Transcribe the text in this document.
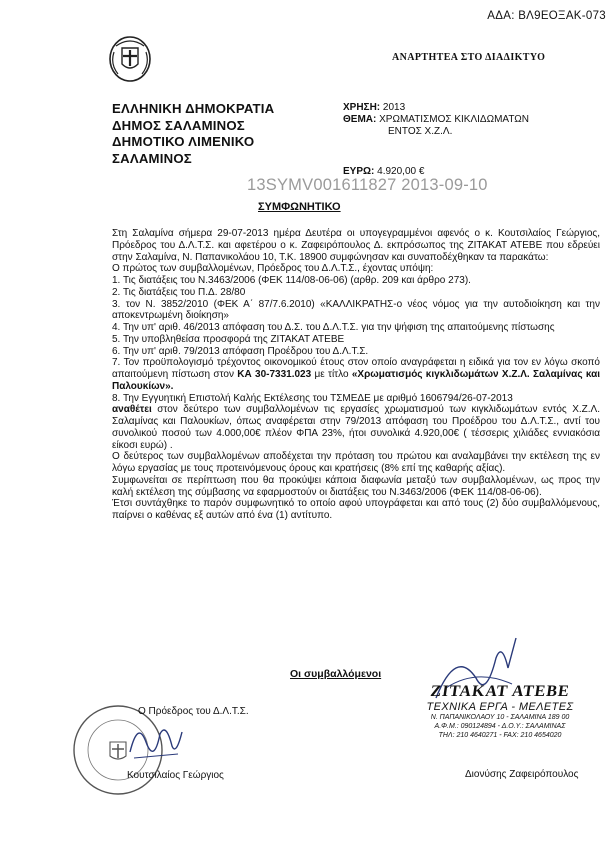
ΑΔΑ: ΒΛ9ΕΟΞΑΚ-073
ΑΝΑΡΤΗΤΕΑ ΣΤΟ ΔΙΑΔΙΚΤΥΟ
ΕΛΛΗΝΙΚΗ ΔΗΜΟΚΡΑΤΙΑ
ΔΗΜΟΣ ΣΑΛΑΜΙΝΟΣ
ΔΗΜΟΤΙΚΟ ΛΙΜΕΝΙΚΟ
ΣΑΛΑΜΙΝΟΣ
ΧΡΗΣΗ: 2013
ΘΕΜΑ: ΧΡΩΜΑΤΙΣΜΟΣ ΚΙΚΛΙΔΩΜΑΤΩΝ
ΕΝΤΟΣ Χ.Ζ.Λ.
ΕΥΡΩ: 4.920,00 €
13SYMV001611827 2013-09-10
ΣΥΜΦΩΝΗΤΙΚΟ

Στη Σαλαμίνα σήμερα 29-07-2013 ημέρα Δευτέρα οι υπογεγραμμένοι αφενός ο κ. Κουτσιλαίος Γεώργιος, Πρόεδρος του Δ.Λ.Τ.Σ. και αφετέρου ο κ. Ζαφειρόπουλος Δ. εκπρόσωπος της ΖΙΤΑΚΑΤ ΑΤΕΒΕ που εδρεύει στην Σαλαμίνα, Ν. Παπανικολάου 10, Τ.Κ. 18900 συμφώνησαν και συναποδέχθηκαν τα παρακάτω:

Ο πρώτος των συμβαλλομένων, Πρόεδρος του Δ.Λ.Τ.Σ., έχοντας υπόψη:

1. Τις διατάξεις του Ν.3463/2006 (ΦΕΚ 114/08-06-06) (αρθρ. 209 και άρθρο 273).

2. Τις διατάξεις του Π.Δ. 28/80

3. τον Ν. 3852/2010 (ΦΕΚ Α΄ 87/7.6.2010) «ΚΑΛΛΙΚΡΑΤΗΣ-ο νέος νόμος για την αυτοδιοίκηση και την αποκεντρωμένη διοίκηση»

4. Την υπ' αριθ. 46/2013 απόφαση του Δ.Σ. του Δ.Λ.Τ.Σ. για την ψήφιση της απαιτούμενης πίστωσης

5. Την υποβληθείσα προσφορά της ΖΙΤΑΚΑΤ ΑΤΕΒΕ

6. Την υπ' αριθ. 79/2013 απόφαση Προέδρου του Δ.Λ.Τ.Σ.

7. Τον προϋπολογισμό τρέχοντος οικονομικού έτους στον οποίο αναγράφεται η ειδικά για τον εν λόγω σκοπό απαιτούμενη πίστωση στον ΚΑ 30-7331.023 με τίτλο «Χρωματισμός κιγκλιδωμάτων Χ.Ζ.Λ. Σαλαμίνας και Παλουκίων».

8. Την Εγγυητική Επιστολή Καλής Εκτέλεσης του ΤΣΜΕΔΕ με αριθμό 1606794/26-07-2013

αναθέτει στον δεύτερο των συμβαλλομένων τις εργασίες χρωματισμού των κιγκλιδωμάτων εντός Χ.Ζ.Λ. Σαλαμίνας και Παλουκίων, όπως αναφέρεται στην 79/2013 απόφαση του Προέδρου του Δ.Λ.Τ.Σ., αντί του συνολικού ποσού των 4.000,00€ πλέον ΦΠΑ 23%, ήτοι συνολικά 4.920,00€ ( τέσσερις χιλιάδες εννιακόσια είκοσι ευρώ) .

Ο δεύτερος των συμβαλλομένων αποδέχεται την πρόταση του πρώτου και αναλαμβάνει την εκτέλεση της εν λόγω εργασίας με τους προτεινόμενους όρους και κρατήσεις (8% επί της καθαρής αξίας).

Συμφωνείται σε περίπτωση που θα προκύψει κάποια διαφωνία μεταξύ των συμβαλλομένων, ως προς την καλή εκτέλεση της σύμβασης να εφαρμοστούν οι διατάξεις του Ν.3463/2006 (ΦΕΚ 114/08-06-06).

Έτσι συντάχθηκε το παρόν συμφωνητικό το οποίο αφού υπογράφεται και από τους (2) δύο συμβαλλόμενους, παίρνει ο καθένας εξ αυτών από ένα (1) αντίτυπο.

Οι συμβαλλόμενοι
Ο Πρόεδρος του Δ.Λ.Τ.Σ.
Κουτσιλαίος Γεώργιος
ΖΙΤΑΚΑΤ ΑΤΕΒΕ
ΤΕΧΝΙΚΑ ΕΡΓΑ - ΜΕΛΕΤΕΣ
Ν. ΠΑΠΑΝΙΚΟΛΑΟΥ 10 - ΣΑΛΑΜΙΝΑ 189 00
Α.Φ.Μ.: 090124894 - Δ.Ο.Υ.: ΣΑΛΑΜΙΝΑΣ
ΤΗΛ: 210 4640271 - FAX: 210 4654020
Διονύσης Ζαφειρόπουλος
